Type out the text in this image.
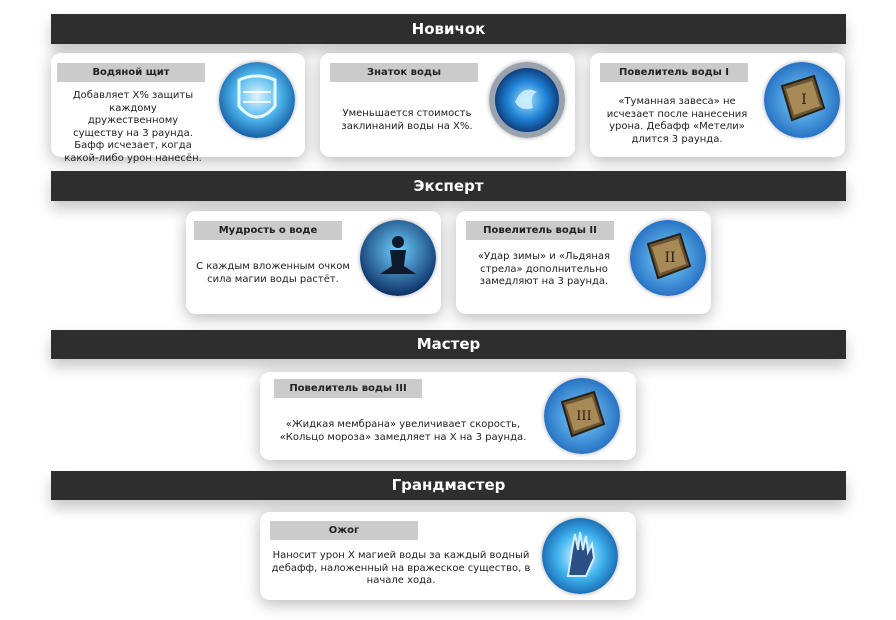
Новичок
Водяной щит
Добавляет X% защиты каждому дружественному существу на 3 раунда. Бафф исчезает, когда какой-либо урон нанесён.
Знаток воды
Уменьшается стоимость заклинаний воды на X%.
Повелитель воды I
«Туманная завеса» не исчезает после нанесения урона. Дебафф «Метели» длится 3 раунда.
I
Эксперт
Мудрость о воде
С каждым вложенным очком сила магии воды растёт.
Повелитель воды II
«Удар зимы» и «Льдяная стрела» дополнительно замедляют на 3 раунда.
II
Мастер
Повелитель воды III
«Жидкая мембрана» увеличивает скорость, «Кольцо мороза» замедляет на X на 3 раунда.
III
Грандмастер
Ожог
Наносит урон X магией воды за каждый водный дебафф, наложенный на вражеское существо, в начале хода.
